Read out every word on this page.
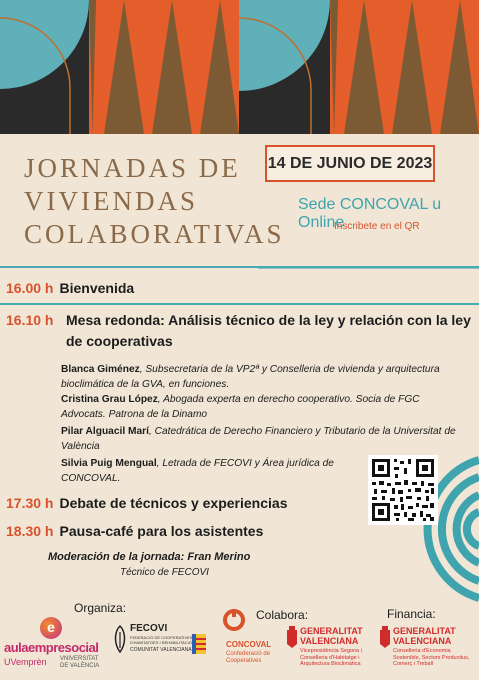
JORNADAS DE
VIVIENDAS
COLABORATIVAS
14 DE JUNIO DE 2023
Sede CONCOVAL u Online
Inscribete en el QR
16.00 h Bienvenida
16.10 h Mesa redonda: Análisis técnico de la ley y relación con la ley de cooperativas
Blanca Giménez, Subsecretaria de la VP2ª y Conselleria de vivienda y arquitectura bioclimática de la GVA, en funciones.
Cristina Grau López, Abogada experta en derecho cooperativo. Socia de FGC Advocats. Patrona de la Dinamo
Pilar Alguacil Marí, Catedrática de Derecho Financiero y Tributario de la Universitat de València
Silvia Puig Mengual, Letrada de FECOVI y Área jurídica de CONCOVAL.
17.30 h Debate de técnicos y experiencias
18.30 h Pausa-café para los asistentes
Moderación de la jornada: Fran Merino
Técnico de FECOVI
Organiza:	Colabora:	Financia:
e
aulaempresocial
UVemprèn VNIVERSITAT
DE VALÈNCIA
FECOVI
FEDERACIÓ DE COOPERATIVES D'HABITATGES I REHABILITACIÓ
COMUNITAT VALENCIANA
CONCOVAL
Confederació de Cooperatives
GENERALITAT VALENCIANA
Vicepresidència Segona i Conselleria d'Habitatge i Arquitectura Bioclimàtica
GENERALITAT VALENCIANA
Conselleria d'Economia Sostenible, Sectors Productius, Comerç i Treball
